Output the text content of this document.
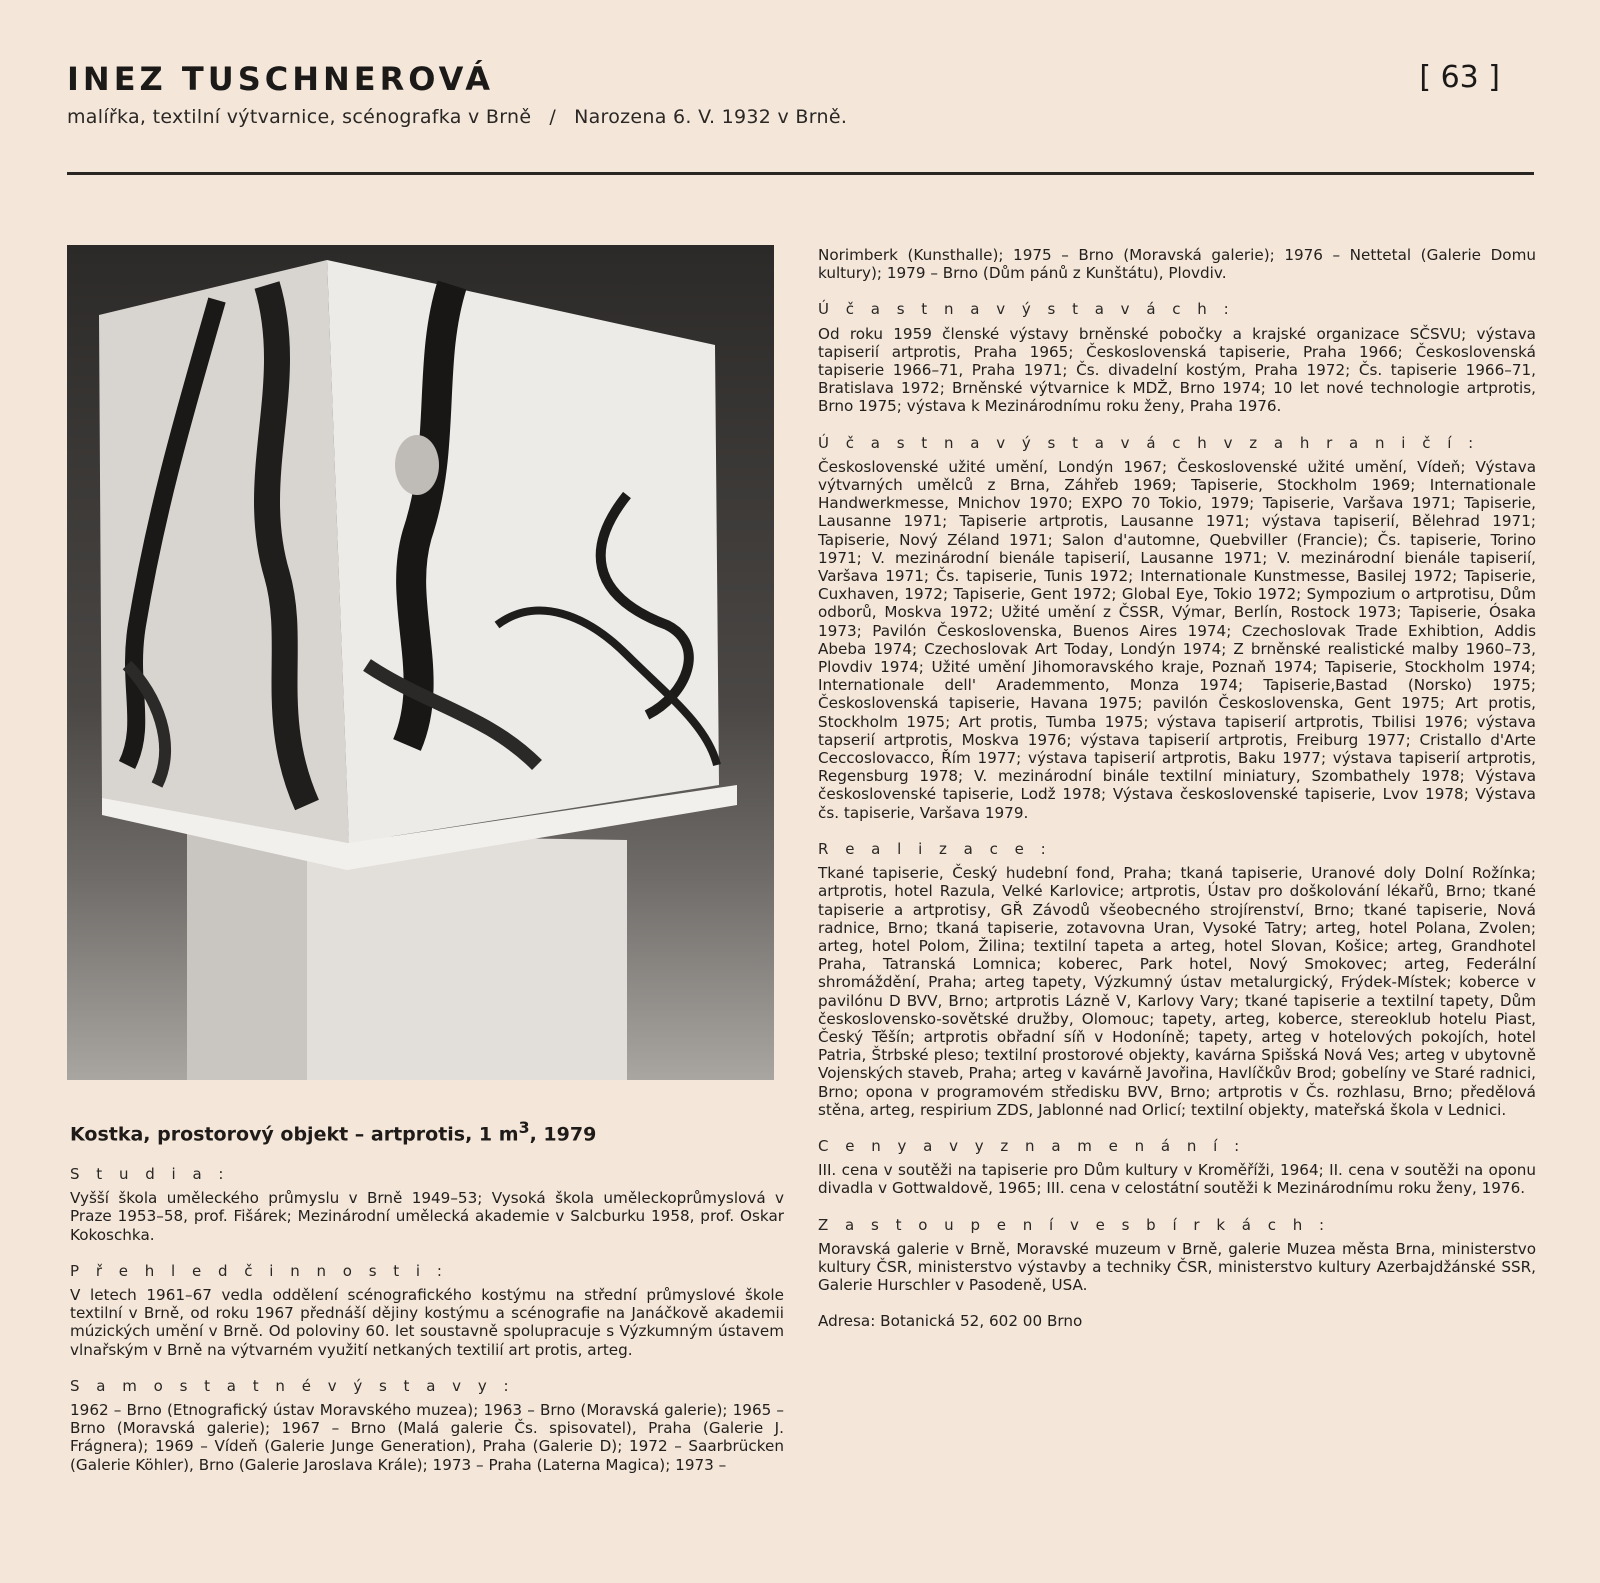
INEZ TUSCHNEROVÁ	[ 63 ]
malířka, textilní výtvarnice, scénografka v Brně / Narozena 6. V. 1932 v Brně.
Kostka, prostorový objekt – artprotis, 1 $m^3$, 1979
S t u d i a :
Vyšší škola uměleckého průmyslu v Brně 1949–53; Vysoká škola uměleckoprůmyslová v Praze 1953–58, prof. Fišárek; Mezinárodní umělecká akademie v Salcburku 1958, prof. Oskar Kokoschka.
P ř e h l e d č i n n o s t i :
V letech 1961–67 vedla oddělení scénografického kostýmu na střední průmyslové škole textilní v Brně, od roku 1967 přednáší dějiny kostýmu a scénografie na Janáčkově akademii múzických umění v Brně. Od poloviny 60. let soustavně spolupracuje s Výzkumným ústavem vlnařským v Brně na výtvarném využití netkaných textilií art protis, arteg.
S a m o s t a t n é v ý s t a v y :
1962 – Brno (Etnografický ústav Moravského muzea); 1963 – Brno (Moravská galerie); 1965 – Brno (Moravská galerie); 1967 – Brno (Malá galerie Čs. spisovatel), Praha (Galerie J. Frágnera); 1969 – Vídeň (Galerie Junge Generation), Praha (Galerie D); 1972 – Saarbrücken (Galerie Köhler), Brno (Galerie Jaroslava Krále); 1973 – Praha (Laterna Magica); 1973 –
Norimberk (Kunsthalle); 1975 – Brno (Moravská galerie); 1976 – Nettetal (Galerie Domu kultury); 1979 – Brno (Dům pánů z Kunštátu), Plovdiv.
Ú č a s t n a v ý s t a v á c h :
Od roku 1959 členské výstavy brněnské pobočky a krajské organizace SČSVU; výstava tapiserií artprotis, Praha 1965; Československá tapiserie, Praha 1966; Československá tapiserie 1966–71, Praha 1971; Čs. divadelní kostým, Praha 1972; Čs. tapiserie 1966–71, Bratislava 1972; Brněnské výtvarnice k MDŽ, Brno 1974; 10 let nové technologie artprotis, Brno 1975; výstava k Mezinárodnímu roku ženy, Praha 1976.
Ú č a s t n a v ý s t a v á c h v z a h r a n i č í :
Československé užité umění, Londýn 1967; Československé užité umění, Vídeň; Výstava výtvarných umělců z Brna, Záhřeb 1969; Tapiserie, Stockholm 1969; Internationale Handwerkmesse, Mnichov 1970; EXPO 70 Tokio, 1979; Tapiserie, Varšava 1971; Tapiserie, Lausanne 1971; Tapiserie artprotis, Lausanne 1971; výstava tapiserií, Bělehrad 1971; Tapiserie, Nový Zéland 1971; Salon d'automne, Quebviller (Francie); Čs. tapiserie, Torino 1971; V. mezinárodní bienále tapiserií, Lausanne 1971; V. mezinárodní bienále tapiserií, Varšava 1971; Čs. tapiserie, Tunis 1972; Internationale Kunstmesse, Basilej 1972; Tapiserie, Cuxhaven, 1972; Tapiserie, Gent 1972; Global Eye, Tokio 1972; Sympozium o artprotisu, Dům odborů, Moskva 1972; Užité umění z ČSSR, Výmar, Berlín, Rostock 1973; Tapiserie, Ósaka 1973; Pavilón Československa, Buenos Aires 1974; Czechoslovak Trade Exhibtion, Addis Abeba 1974; Czechoslovak Art Today, Londýn 1974; Z brněnské realistické malby 1960–73, Plovdiv 1974; Užité umění Jihomoravského kraje, Poznaň 1974; Tapiserie, Stockholm 1974; Internationale dell' Arademmento, Monza 1974; Tapiserie,Bastad (Norsko) 1975; Československá tapiserie, Havana 1975; pavilón Československa, Gent 1975; Art protis, Stockholm 1975; Art protis, Tumba 1975; výstava tapiserií artprotis, Tbilisi 1976; výstava tapserií artprotis, Moskva 1976; výstava tapiserií artprotis, Freiburg 1977; Cristallo d'Arte Ceccoslovacco, Řím 1977; výstava tapiserií artprotis, Baku 1977; výstava tapiserií artprotis, Regensburg 1978; V. mezinárodní binále textilní miniatury, Szombathely 1978; Výstava československé tapiserie, Lodž 1978; Výstava československé tapiserie, Lvov 1978; Výstava čs. tapiserie, Varšava 1979.
R e a l i z a c e :
Tkané tapiserie, Český hudební fond, Praha; tkaná tapiserie, Uranové doly Dolní Rožínka; artprotis, hotel Razula, Velké Karlovice; artprotis, Ústav pro doškolování lékařů, Brno; tkané tapiserie a artprotisy, GŘ Závodů všeobecného strojírenství, Brno; tkané tapiserie, Nová radnice, Brno; tkaná tapiserie, zotavovna Uran, Vysoké Tatry; arteg, hotel Polana, Zvolen; arteg, hotel Polom, Žilina; textilní tapeta a arteg, hotel Slovan, Košice; arteg, Grandhotel Praha, Tatranská Lomnica; koberec, Park hotel, Nový Smokovec; arteg, Federální shromáždění, Praha; arteg tapety, Výzkumný ústav metalurgický, Frýdek-Místek; koberce v pavilónu D BVV, Brno; artprotis Lázně V, Karlovy Vary; tkané tapiserie a textilní tapety, Dům československo-sovětské družby, Olomouc; tapety, arteg, koberce, stereoklub hotelu Piast, Český Těšín; artprotis obřadní síň v Hodoníně; tapety, arteg v hotelových pokojích, hotel Patria, Štrbské pleso; textilní prostorové objekty, kavárna Spišská Nová Ves; arteg v ubytovně Vojenských staveb, Praha; arteg v kavárně Javořina, Havlíčkův Brod; gobelíny ve Staré radnici, Brno; opona v programovém středisku BVV, Brno; artprotis v Čs. rozhlasu, Brno; předělová stěna, arteg, respirium ZDS, Jablonné nad Orlicí; textilní objekty, mateřská škola v Lednici.
C e n y a v y z n a m e n á n í :
III. cena v soutěži na tapiserie pro Dům kultury v Kroměříži, 1964; II. cena v soutěži na oponu divadla v Gottwaldově, 1965; III. cena v celostátní soutěži k Mezinárodnímu roku ženy, 1976.
Z a s t o u p e n í v e s b í r k á c h :
Moravská galerie v Brně, Moravské muzeum v Brně, galerie Muzea města Brna, ministerstvo kultury ČSR, ministerstvo výstavby a techniky ČSR, ministerstvo kultury Azerbajdžánské SSR, Galerie Hurschler v Pasodeně, USA.
Adresa: Botanická 52, 602 00 Brno
